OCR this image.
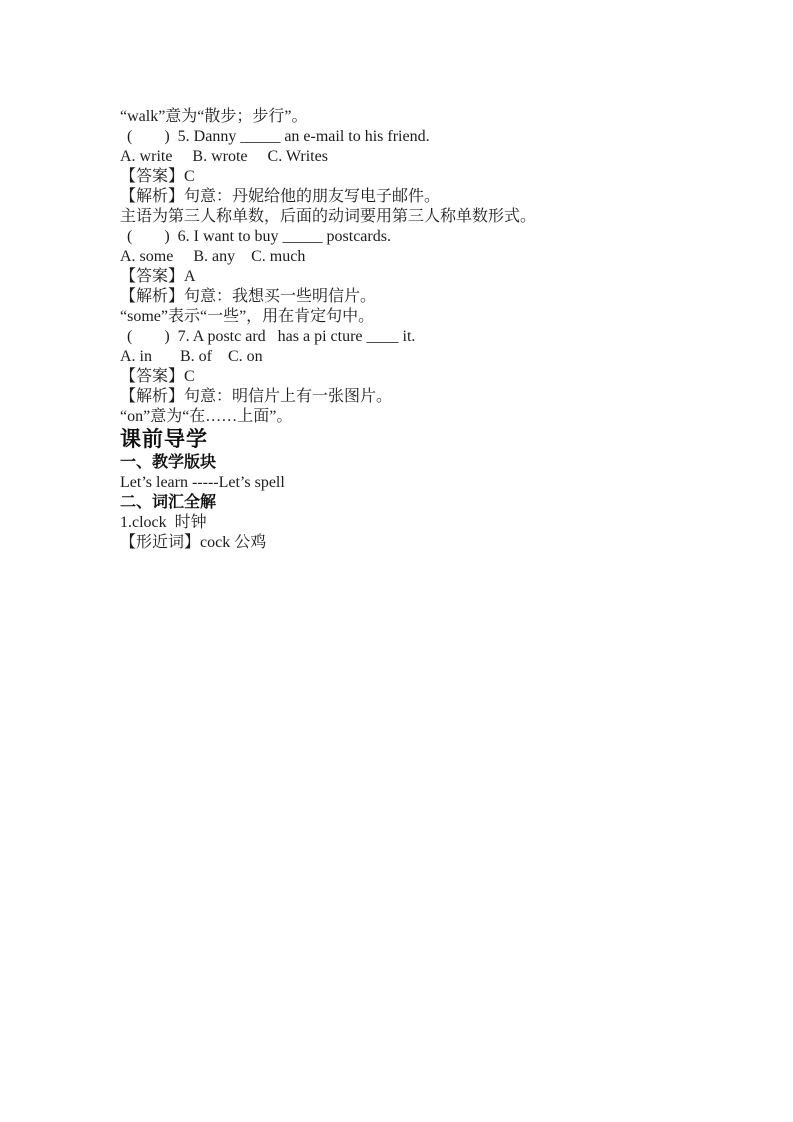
“walk”意为“散步；步行”。

(        )  5. Danny _____ an e-mail to his friend.

A. write     B. wrote     C. Writes

【答案】C

【解析】句意：丹妮给他的朋友写电子邮件。

主语为第三人称单数，后面的动词要用第三人称单数形式。

(        )  6. I want to buy _____ postcards.

A. some     B. any    C. much

【答案】A

【解析】句意：我想买一些明信片。

“some”表示“一些”，用在肯定句中。

(        )  7. A postc ard   has a pi cture ____ it.

A. in       B. of    C. on

【答案】C

【解析】句意：明信片上有一张图片。

“on”意为“在……上面”。

课前导学
一、教学版块

Let’s learn -----Let’s spell

二、词汇全解

1.clock  时钟

【形近词】cock 公鸡
